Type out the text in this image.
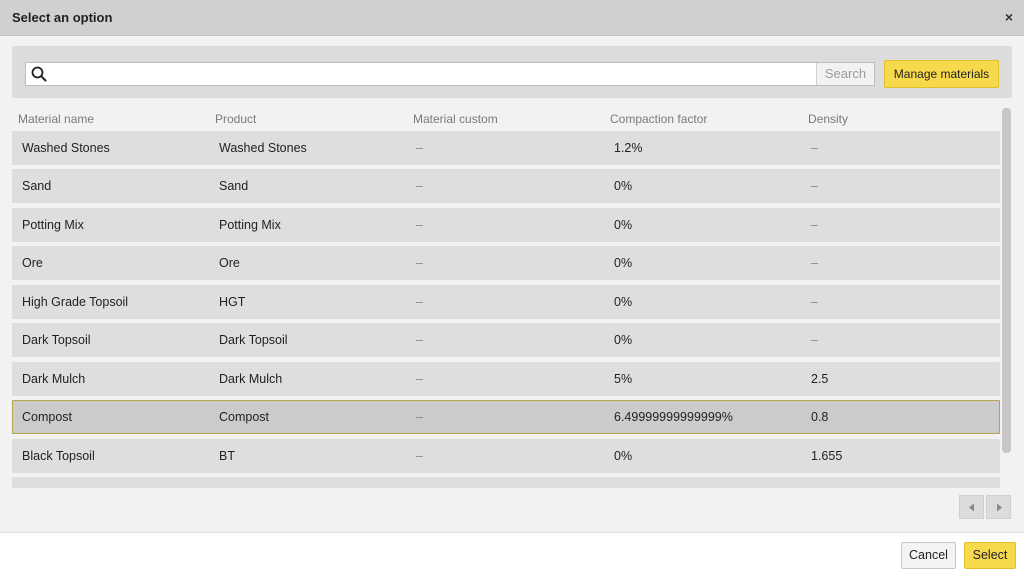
Select an option	×
Search	Manage materials
Material name	Product	Material custom	Compaction factor	Density
Washed Stones	Washed Stones	–	1.2%	–
Sand	Sand	–	0%	–
Potting Mix	Potting Mix	–	0%	–
Ore	Ore	–	0%	–
High Grade Topsoil	HGT	–	0%	–
Dark Topsoil	Dark Topsoil	–	0%	–
Dark Mulch	Dark Mulch	–	5%	2.5
Compost	Compost	–	6.49999999999999%	0.8
Black Topsoil	BT	–	0%	1.655
Cancel	Select
